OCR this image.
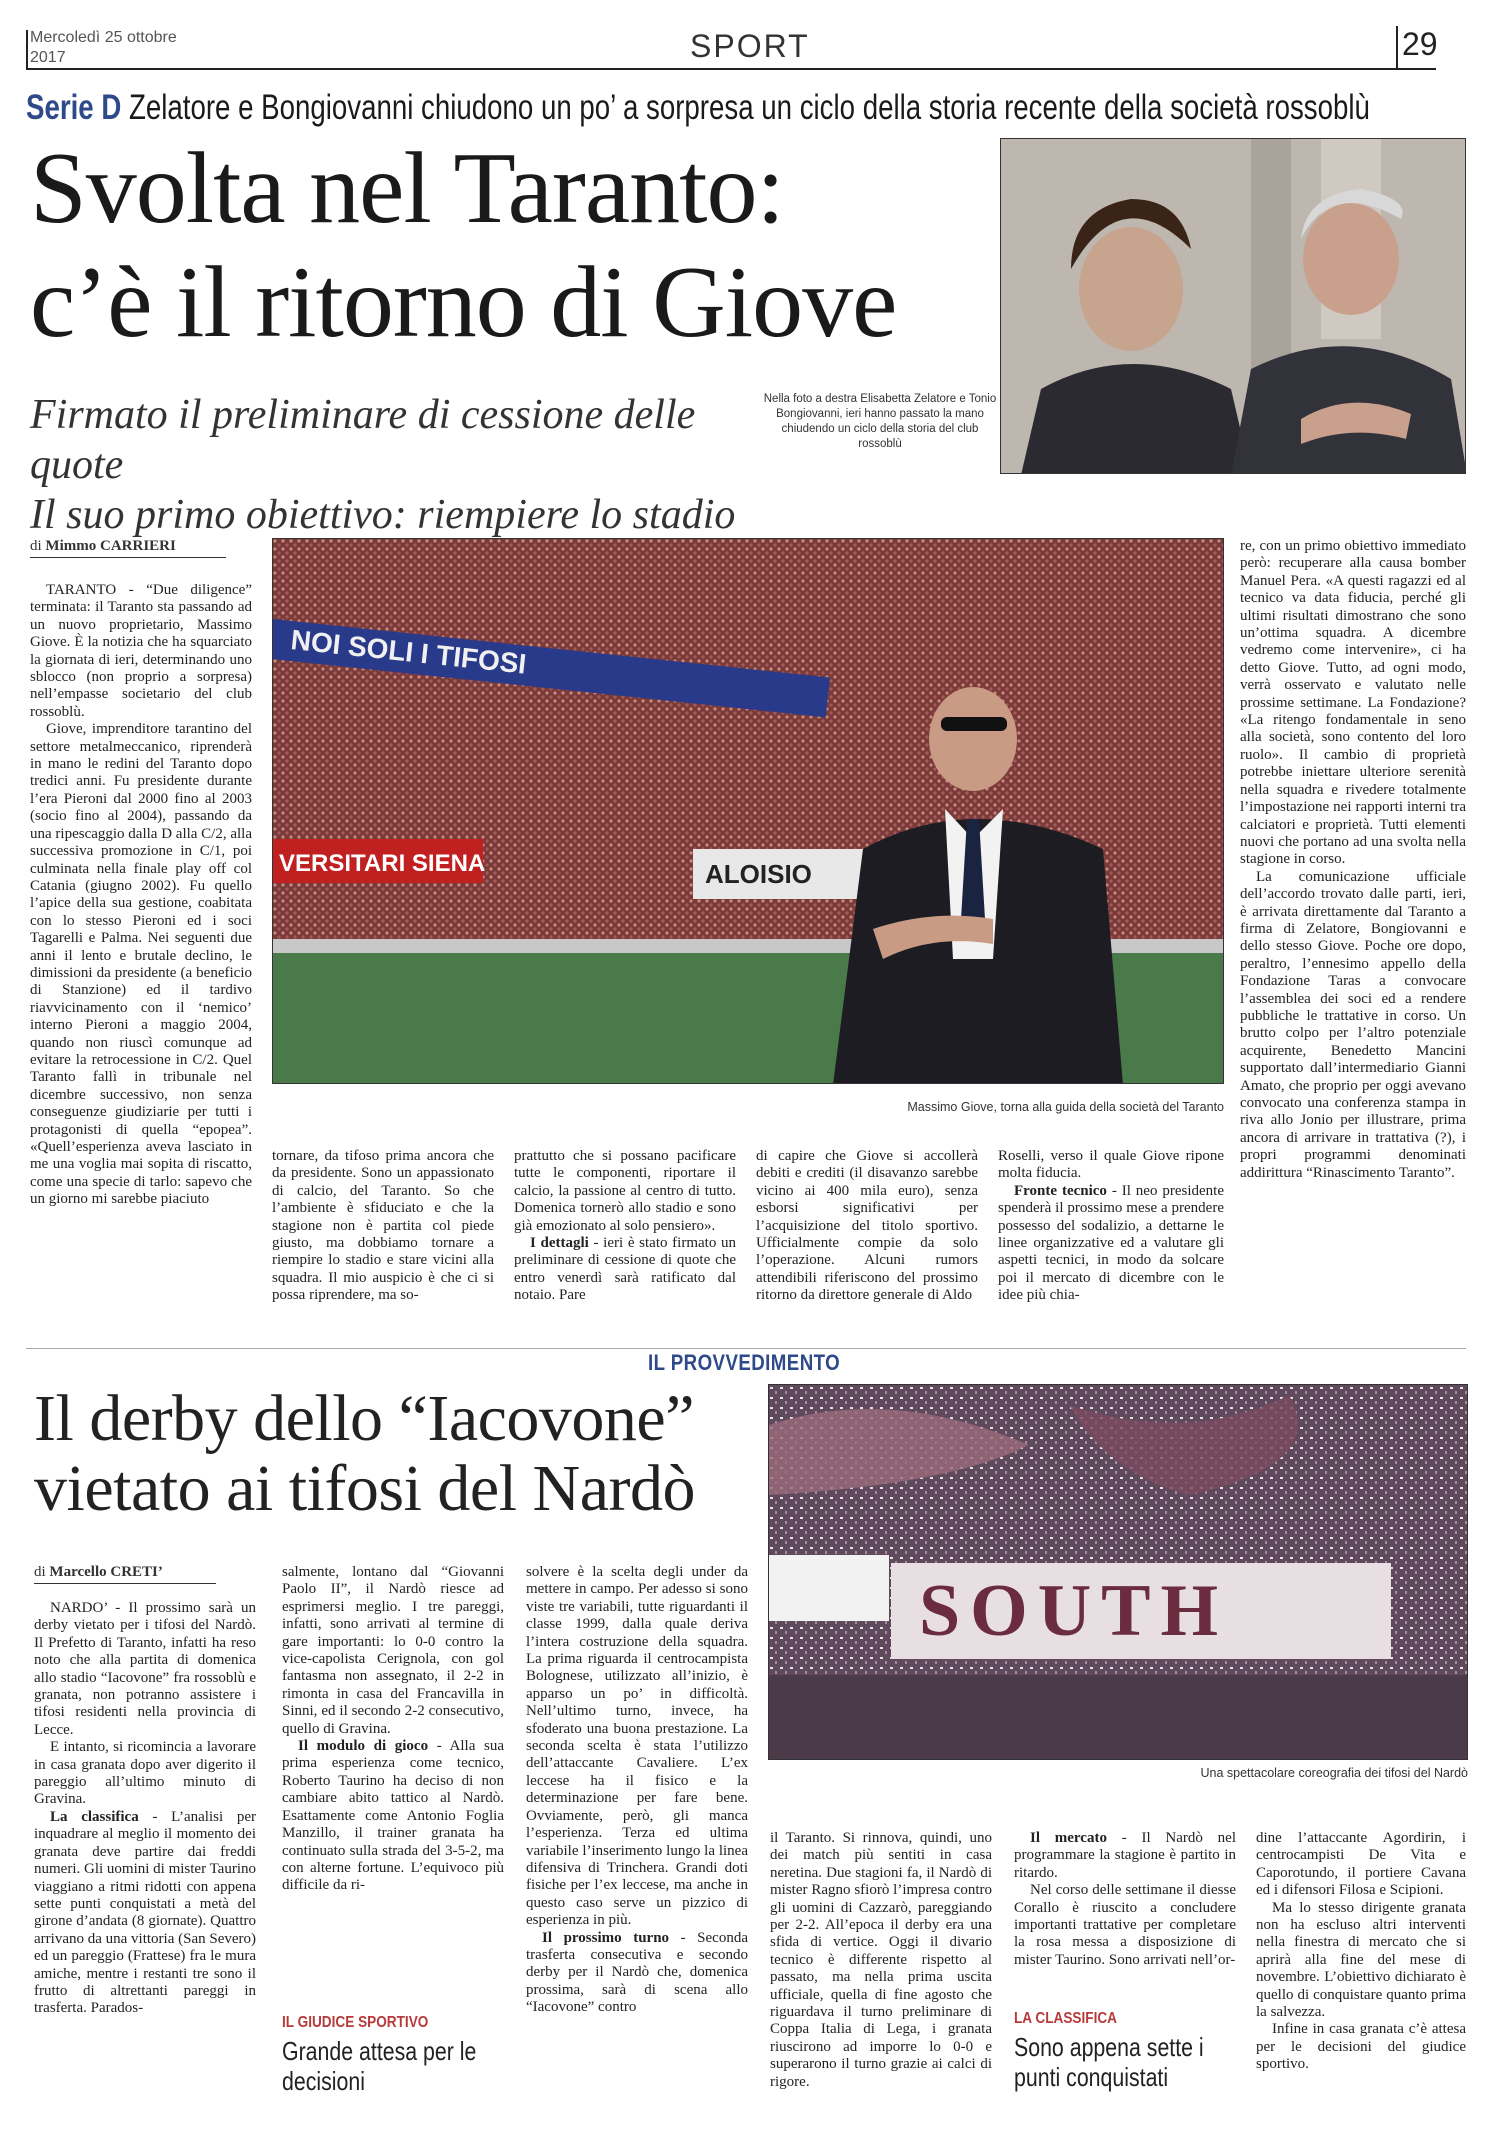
Mercoledì 25 ottobre
2017	SPORT	29
Serie D Zelatore e Bongiovanni chiudono un po’ a sorpresa un ciclo della storia recente della società rossoblù
Svolta nel Taranto:
c’è il ritorno di Giove
Firmato il preliminare di cessione delle quote
Il suo primo obiettivo: riempiere lo stadio
Nella foto a destra Elisabetta Zelatore e Tonio Bongiovanni, ieri hanno passato la mano chiudendo un ciclo della storia del club rossoblù
di Mimmo CARRIERI

TARANTO - “Due diligence” terminata: il Taranto sta passando ad un nuovo proprietario, Massimo Giove. È la notizia che ha squarciato la giornata di ieri, determinando uno sblocco (non proprio a sorpresa) nell’empasse societario del club rossoblù.

Giove, imprenditore tarantino del settore metalmeccanico, riprenderà in mano le redini del Taranto dopo tredici anni. Fu presidente durante l’era Pieroni dal 2000 fino al 2003 (socio fino al 2004), passando da una ripescaggio dalla D alla C/2, alla successiva promozione in C/1, poi culminata nella finale play off col Catania (giugno 2002). Fu quello l’apice della sua gestione, coabitata con lo stesso Pieroni ed i soci Tagarelli e Palma. Nei seguenti due anni il lento e brutale declino, le dimissioni da presidente (a beneficio di Stanzione) ed il tardivo riavvicinamento con il ‘nemico’ interno Pieroni a maggio 2004, quando non riuscì comunque ad evitare la retrocessione in C/2. Quel Taranto fallì in tribunale nel dicembre successivo, non senza conseguenze giudiziarie per tutti i protagonisti di quella “epopea”. «Quell’esperienza aveva lasciato in me una voglia mai sopita di riscatto, come una specie di tarlo: sapevo che un giorno mi sarebbe piaciuto

NOI SOLI I TIFOSI
VERSITARI SIENA	ALOISIO
Massimo Giove, torna alla guida della società del Taranto

re, con un primo obiettivo immediato però: recuperare alla causa bomber Manuel Pera. «A questi ragazzi ed al tecnico va data fiducia, perché gli ultimi risultati dimostrano che sono un’ottima squadra. A dicembre vedremo come intervenire», ci ha detto Giove. Tutto, ad ogni modo, verrà osservato e valutato nelle prossime settimane. La Fondazione? «La ritengo fondamentale in seno alla società, sono contento del loro ruolo». Il cambio di proprietà potrebbe iniettare ulteriore serenità nella squadra e rivedere totalmente l’impostazione nei rapporti interni tra calciatori e proprietà. Tutti elementi nuovi che portano ad una svolta nella stagione in corso.

La comunicazione ufficiale dell’accordo trovato dalle parti, ieri, è arrivata direttamente dal Taranto a firma di Zelatore, Bongiovanni e dello stesso Giove. Poche ore dopo, peraltro, l’ennesimo appello della Fondazione Taras a convocare l’assemblea dei soci ed a rendere pubbliche le trattative in corso. Un brutto colpo per l’altro potenziale acquirente, Benedetto Mancini supportato dall’intermediario Gianni Amato, che proprio per oggi avevano convocato una conferenza stampa in riva allo Jonio per illustrare, prima ancora di arrivare in trattativa (?), i propri programmi denominati addirittura “Rinascimento Taranto”.

tornare, da tifoso prima ancora che da presidente. Sono un appassionato di calcio, del Taranto. So che l’ambiente è sfiduciato e che la stagione non è partita col piede giusto, ma dobbiamo tornare a riempire lo stadio e stare vicini alla squadra. Il mio auspicio è che ci si possa riprendere, ma so-

prattutto che si possano pacificare tutte le componenti, riportare il calcio, la passione al centro di tutto. Domenica tornerò allo stadio e sono già emozionato al solo pensiero».

I dettagli - ieri è stato firmato un preliminare di cessione di quote che entro venerdì sarà ratificato dal notaio. Pare

di capire che Giove si accollerà debiti e crediti (il disavanzo sarebbe vicino ai 400 mila euro), senza esborsi significativi per l’acquisizione del titolo sportivo. Ufficialmente compie da solo l’operazione. Alcuni rumors attendibili riferiscono del prossimo ritorno da direttore generale di Aldo

Roselli, verso il quale Giove ripone molta fiducia.

Fronte tecnico - Il neo presidente spenderà il prossimo mese a prendere possesso del sodalizio, a dettarne le linee organizzative ed a valutare gli aspetti tecnici, in modo da solcare poi il mercato di dicembre con le idee più chia-

IL PROVVEDIMENTO
Il derby dello “Iacovone”
vietato ai tifosi del Nardò
SOUTH
Una spettacolare coreografia dei tifosi del Nardò
di Marcello CRETI’

NARDO’ - Il prossimo sarà un derby vietato per i tifosi del Nardò. Il Prefetto di Taranto, infatti ha reso noto che alla partita di domenica allo stadio “Iacovone” fra rossoblù e granata, non potranno assistere i tifosi residenti nella provincia di Lecce.

E intanto, si ricomincia a lavorare in casa granata dopo aver digerito il pareggio all’ultimo minuto di Gravina.

La classifica - L’analisi per inquadrare al meglio il momento dei granata deve partire dai freddi numeri. Gli uomini di mister Taurino viaggiano a ritmi ridotti con appena sette punti conquistati a metà del girone d’andata (8 giornate). Quattro arrivano da una vittoria (San Severo) ed un pareggio (Frattese) fra le mura amiche, mentre i restanti tre sono il frutto di altrettanti pareggi in trasferta. Parados-

salmente, lontano dal “Giovanni Paolo II”, il Nardò riesce ad esprimersi meglio. I tre pareggi, infatti, sono arrivati al termine di gare importanti: lo 0-0 contro la vice-capolista Cerignola, con gol fantasma non assegnato, il 2-2 in rimonta in casa del Francavilla in Sinni, ed il secondo 2-2 consecutivo, quello di Gravina.

Il modulo di gioco - Alla sua prima esperienza come tecnico, Roberto Taurino ha deciso di non cambiare abito tattico al Nardò. Esattamente come Antonio Foglia Manzillo, il trainer granata ha continuato sulla strada del 3-5-2, ma con alterne fortune. L’equivoco più difficile da ri-

IL GIUDICE SPORTIVO
Grande attesa per le decisioni

solvere è la scelta degli under da mettere in campo. Per adesso si sono viste tre variabili, tutte riguardanti il classe 1999, dalla quale deriva l’intera costruzione della squadra. La prima riguarda il centrocampista Bolognese, utilizzato all’inizio, è apparso un po’ in difficoltà. Nell’ultimo turno, invece, ha sfoderato una buona prestazione. La seconda scelta è stata l’utilizzo dell’attaccante Cavaliere. L’ex leccese ha il fisico e la determinazione per fare bene. Ovviamente, però, gli manca l’esperienza. Terza ed ultima variabile l’inserimento lungo la linea difensiva di Trincherа. Grandi doti fisiche per l’ex leccese, ma anche in questo caso serve un pizzico di esperienza in più.

Il prossimo turno - Seconda trasferta consecutiva e secondo derby per il Nardò che, domenica prossima, sarà di scena allo “Iacovone” contro

il Taranto. Si rinnova, quindi, uno dei match più sentiti in casa neretina. Due stagioni fa, il Nardò di mister Ragno sfiorò l’impresa contro gli uomini di Cazzarò, pareggiando per 2-2. All’epoca il derby era una sfida di vertice. Oggi il divario tecnico è differente rispetto al passato, ma nella prima uscita ufficiale, quella di fine agosto che riguardava il turno preliminare di Coppa Italia di Lega, i granata riuscirono ad imporre lo 0-0 e superarono il turno grazie ai calci di rigore.

Il mercato - Il Nardò nel programmare la stagione è partito in ritardo.

Nel corso delle settimane il diesse Corallo è riuscito a concludere importanti trattative per completare la rosa messa a disposizione di mister Taurino. Sono arrivati nell’or-

LA CLASSIFICA
Sono appena sette i punti conquistati

dine l’attaccante Agordirin, i centrocampisti De Vita e Caporotundo, il portiere Cavana ed i difensori Filosa e Scipioni.

Ma lo stesso dirigente granata non ha escluso altri interventi nella finestra di mercato che si aprirà alla fine del mese di novembre. L’obiettivo dichiarato è quello di conquistare quanto prima la salvezza.

Infine in casa granata c’è attesa per le decisioni del giudice sportivo.
